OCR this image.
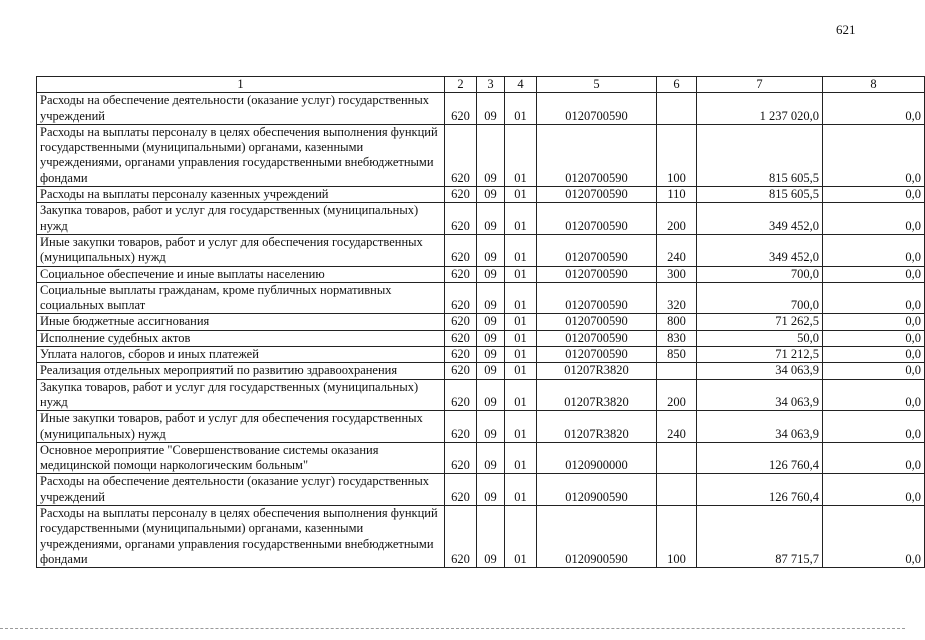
621
1	2	3	4	5	6	7	8
Расходы на обеспечение деятельности (оказание услуг) государственных учреждений	620	09	01	0120700590		1 237 020,0	0,0
Расходы на выплаты персоналу в целях обеспечения выполнения функций государственными (муниципальными) органами, казенными учреждениями, органами управления государственными внебюджетными фондами	620	09	01	0120700590	100	815 605,5	0,0
Расходы на выплаты персоналу казенных учреждений	620	09	01	0120700590	110	815 605,5	0,0
Закупка товаров, работ и услуг для государственных (муниципальных) нужд	620	09	01	0120700590	200	349 452,0	0,0
Иные закупки товаров, работ и услуг для обеспечения государственных (муниципальных) нужд	620	09	01	0120700590	240	349 452,0	0,0
Социальное обеспечение и иные выплаты населению	620	09	01	0120700590	300	700,0	0,0
Социальные выплаты гражданам, кроме публичных нормативных социальных выплат	620	09	01	0120700590	320	700,0	0,0
Иные бюджетные ассигнования	620	09	01	0120700590	800	71 262,5	0,0
Исполнение судебных актов	620	09	01	0120700590	830	50,0	0,0
Уплата налогов, сборов и иных платежей	620	09	01	0120700590	850	71 212,5	0,0
Реализация отдельных мероприятий по развитию здравоохранения	620	09	01	01207R3820		34 063,9	0,0
Закупка товаров, работ и услуг для государственных (муниципальных) нужд	620	09	01	01207R3820	200	34 063,9	0,0
Иные закупки товаров, работ и услуг для обеспечения государственных (муниципальных) нужд	620	09	01	01207R3820	240	34 063,9	0,0
Основное мероприятие "Совершенствование системы оказания медицинской помощи наркологическим больным"	620	09	01	0120900000		126 760,4	0,0
Расходы на обеспечение деятельности (оказание услуг) государственных учреждений	620	09	01	0120900590		126 760,4	0,0
Расходы на выплаты персоналу в целях обеспечения выполнения функций государственными (муниципальными) органами, казенными учреждениями, органами управления государственными внебюджетными фондами	620	09	01	0120900590	100	87 715,7	0,0
